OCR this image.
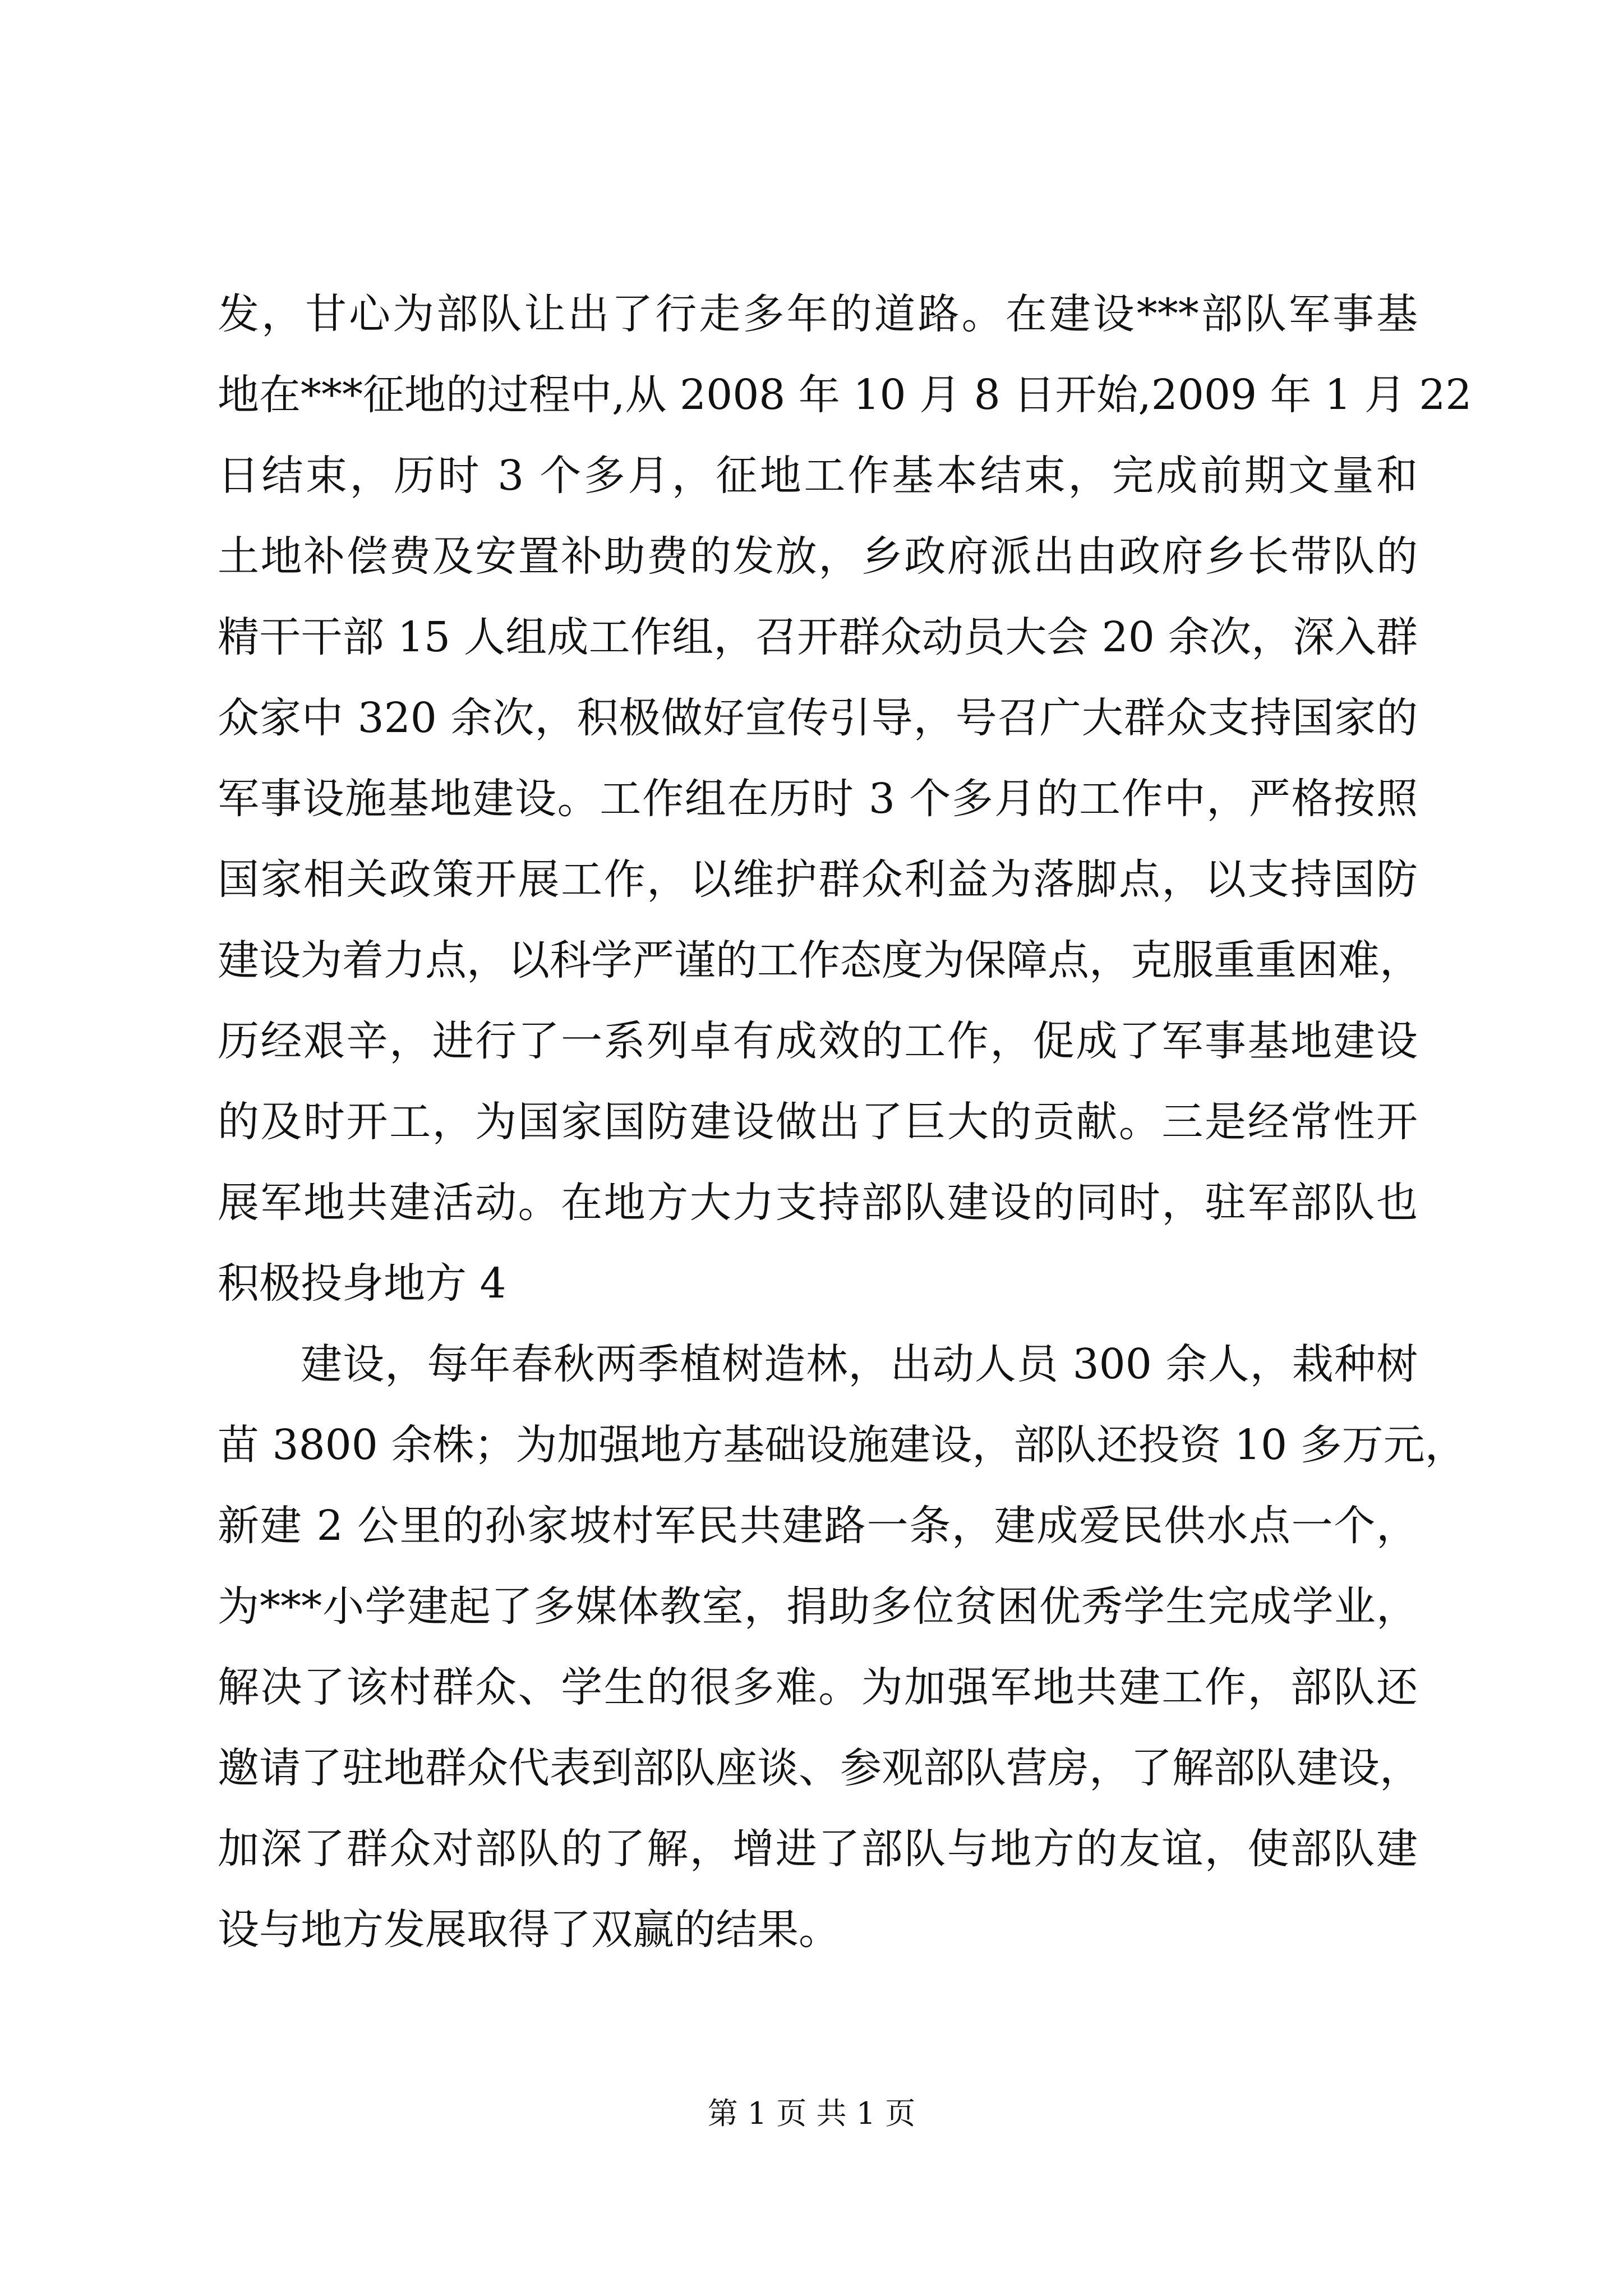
发，甘心为部队让出了行走多年的道路。在建设***部队军事基
地在***征地的过程中,从 2008 年 10 月 8 日开始,2009 年 1 月 22
日结束，历时 3 个多月，征地工作基本结束，完成前期文量和
土地补偿费及安置补助费的发放，乡政府派出由政府乡长带队的
精干干部 15 人组成工作组，召开群众动员大会 20 余次，深入群
众家中 320 余次，积极做好宣传引导，号召广大群众支持国家的
军事设施基地建设。工作组在历时 3 个多月的工作中，严格按照
国家相关政策开展工作，以维护群众利益为落脚点，以支持国防
建设为着力点，以科学严谨的工作态度为保障点，克服重重困难，
历经艰辛，进行了一系列卓有成效的工作，促成了军事基地建设
的及时开工，为国家国防建设做出了巨大的贡献。三是经常性开
展军地共建活动。在地方大力支持部队建设的同时，驻军部队也
积极投身地方 4
建设，每年春秋两季植树造林，出动人员 300 余人，栽种树
苗 3800 余株；为加强地方基础设施建设，部队还投资 10 多万元，
新建 2 公里的孙家坡村军民共建路一条，建成爱民供水点一个，
为***小学建起了多媒体教室，捐助多位贫困优秀学生完成学业，
解决了该村群众、学生的很多难。为加强军地共建工作，部队还
邀请了驻地群众代表到部队座谈、参观部队营房，了解部队建设，
加深了群众对部队的了解，增进了部队与地方的友谊，使部队建
设与地方发展取得了双赢的结果。
第 1 页 共 1 页
